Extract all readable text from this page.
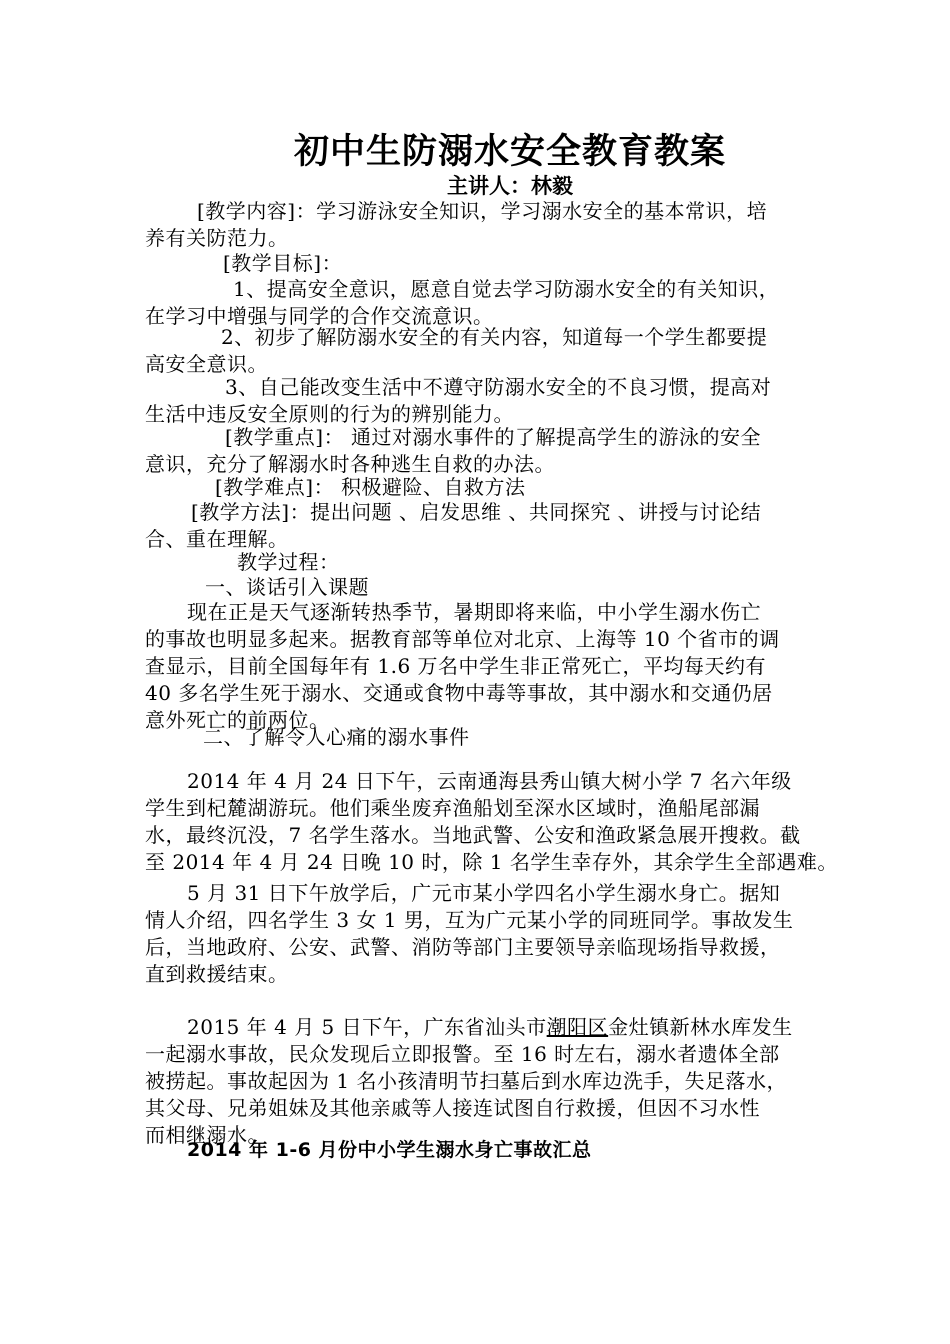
初中生防溺水安全教育教案
主讲人：林毅
[教学内容]：学习游泳安全知识，学习溺水安全的基本常识，培
养有关防范力。
[教学目标]：
1、提高安全意识，愿意自觉去学习防溺水安全的有关知识，
在学习中增强与同学的合作交流意识。
2、初步了解防溺水安全的有关内容，知道每一个学生都要提
高安全意识。
3、自己能改变生活中不遵守防溺水安全的不良习惯，提高对
生活中违反安全原则的行为的辨别能力。
[教学重点]： 通过对溺水事件的了解提高学生的游泳的安全
意识，充分了解溺水时各种逃生自救的办法。
[教学难点]： 积极避险、自救方法
[教学方法]：提出问题 、启发思维 、共同探究 、讲授与讨论结
合、重在理解。
教学过程：
一、谈话引入课题
现在正是天气逐渐转热季节，暑期即将来临，中小学生溺水伤亡
的事故也明显多起来。据教育部等单位对北京、上海等 10 个省市的调
查显示，目前全国每年有 1.6 万名中学生非正常死亡，平均每天约有
40 多名学生死于溺水、交通或食物中毒等事故，其中溺水和交通仍居
意外死亡的前两位。
二、了解令人心痛的溺水事件
2014 年 4 月 24 日下午，云南通海县秀山镇大树小学 7 名六年级
学生到杞麓湖游玩。他们乘坐废弃渔船划至深水区域时，渔船尾部漏
水，最终沉没，7 名学生落水。当地武警、公安和渔政紧急展开搜救。截
至 2014 年 4 月 24 日晚 10 时，除 1 名学生幸存外，其余学生全部遇难。
5 月 31 日下午放学后，广元市某小学四名小学生溺水身亡。据知
情人介绍，四名学生 3 女 1 男，互为广元某小学的同班同学。事故发生
后，当地政府、公安、武警、消防等部门主要领导亲临现场指导救援，
直到救援结束。
2015 年 4 月 5 日下午，广东省汕头市潮阳区金灶镇新林水库发生
一起溺水事故，民众发现后立即报警。至 16 时左右，溺水者遗体全部
被捞起。事故起因为 1 名小孩清明节扫墓后到水库边洗手，失足落水，
其父母、兄弟姐妹及其他亲戚等人接连试图自行救援，但因不习水性
而相继溺水。
2014 年 1-6 月份中小学生溺水身亡事故汇总
